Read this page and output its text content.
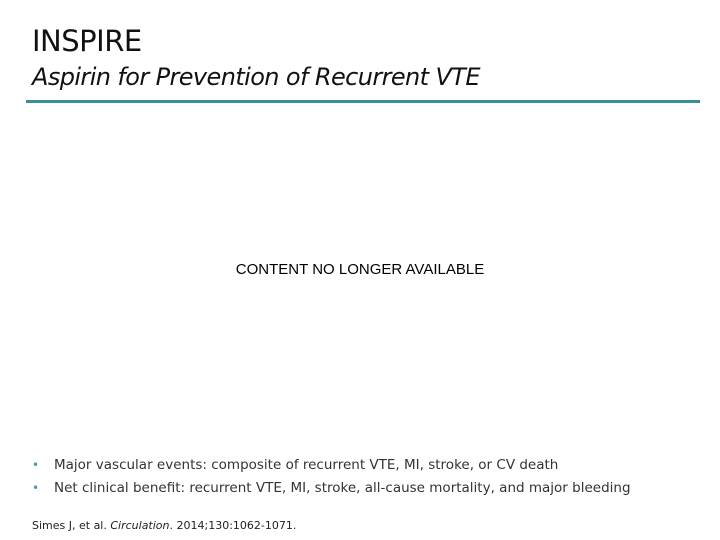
INSPIRE
Aspirin for Prevention of Recurrent VTE
CONTENT NO LONGER AVAILABLE
•	Major vascular events: composite of recurrent VTE, MI, stroke, or CV death
•	Net clinical benefit: recurrent VTE, MI, stroke, all-cause mortality, and major bleeding
Simes J, et al. Circulation. 2014;130:1062-1071.
